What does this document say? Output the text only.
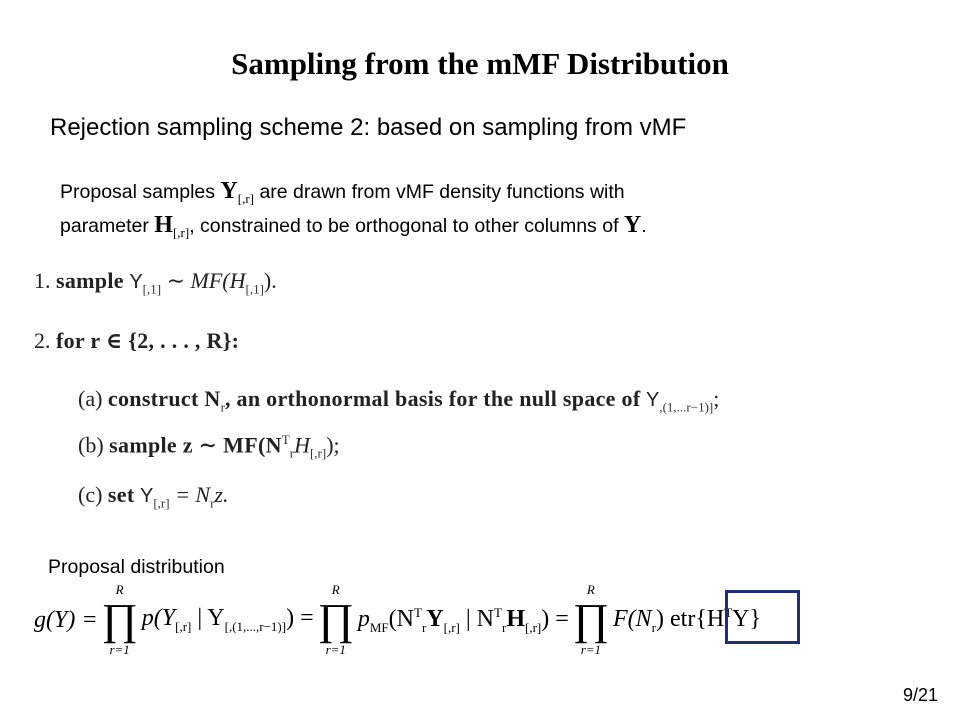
Sampling from the mMF Distribution
Rejection sampling scheme 2: based on sampling from vMF
Proposal samples $Y_{[,r]}$ are drawn from vMF density functions with
parameter $H_{[,r]}$, constrained to be orthogonal to other columns of Y.
1. sample $Y_{[,1]}$ ∼ $MF(H_{[,1]})$.
2. for r ∈ {2, . . . , R}:
(a) construct $N_r$, an orthonormal basis for the null space of $Y_{,(1,...r-1)]}$;
(b) sample z ∼ $MF(N^T_rH_{[,r]})$;
(c) set $Y_{[,r]} = N_rz$.
Proposal distribution
g(Y) =
R
∏
r=1
$p(Y_{[,r]}$ | $Y_{[,(1,...,r-1)]}$) =
R
∏
r=1
$p_{MF}(N^T_rY_{[,r]}$ | $N^T_rH_{[,r]}$) =
R
∏
r=1
$F(N_r)$ $etr\{H^TY\}$
9/21
